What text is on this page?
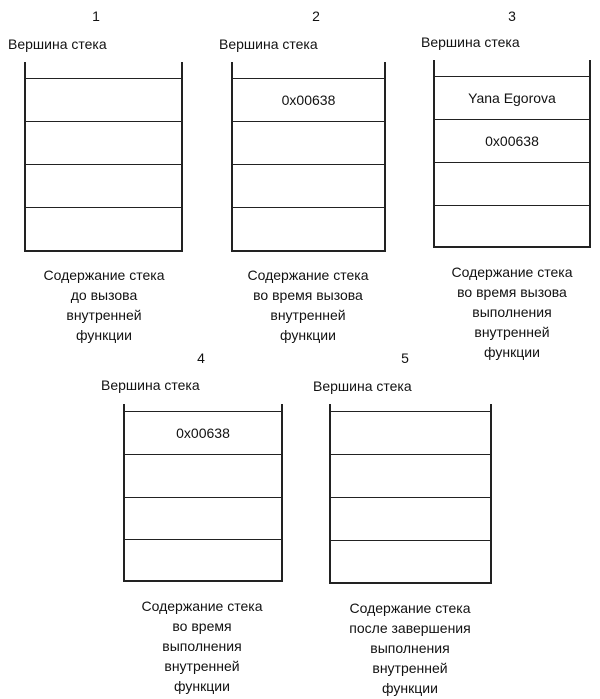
1
Вершина стека
Содержание стека
до вызова
внутренней
функции
2
Вершина стека
0x00638
Содержание стека
во время вызова
внутренней
функции
3
Вершина стека
Yana Egorova
0x00638
Содержание стека
во время вызова
выполнения
внутренней
функции
4
Вершина стека
0x00638
Содержание стека
во время
выполнения
внутренней
функции
5
Вершина стека
Содержание стека
после завершения
выполнения
внутренней
функции
